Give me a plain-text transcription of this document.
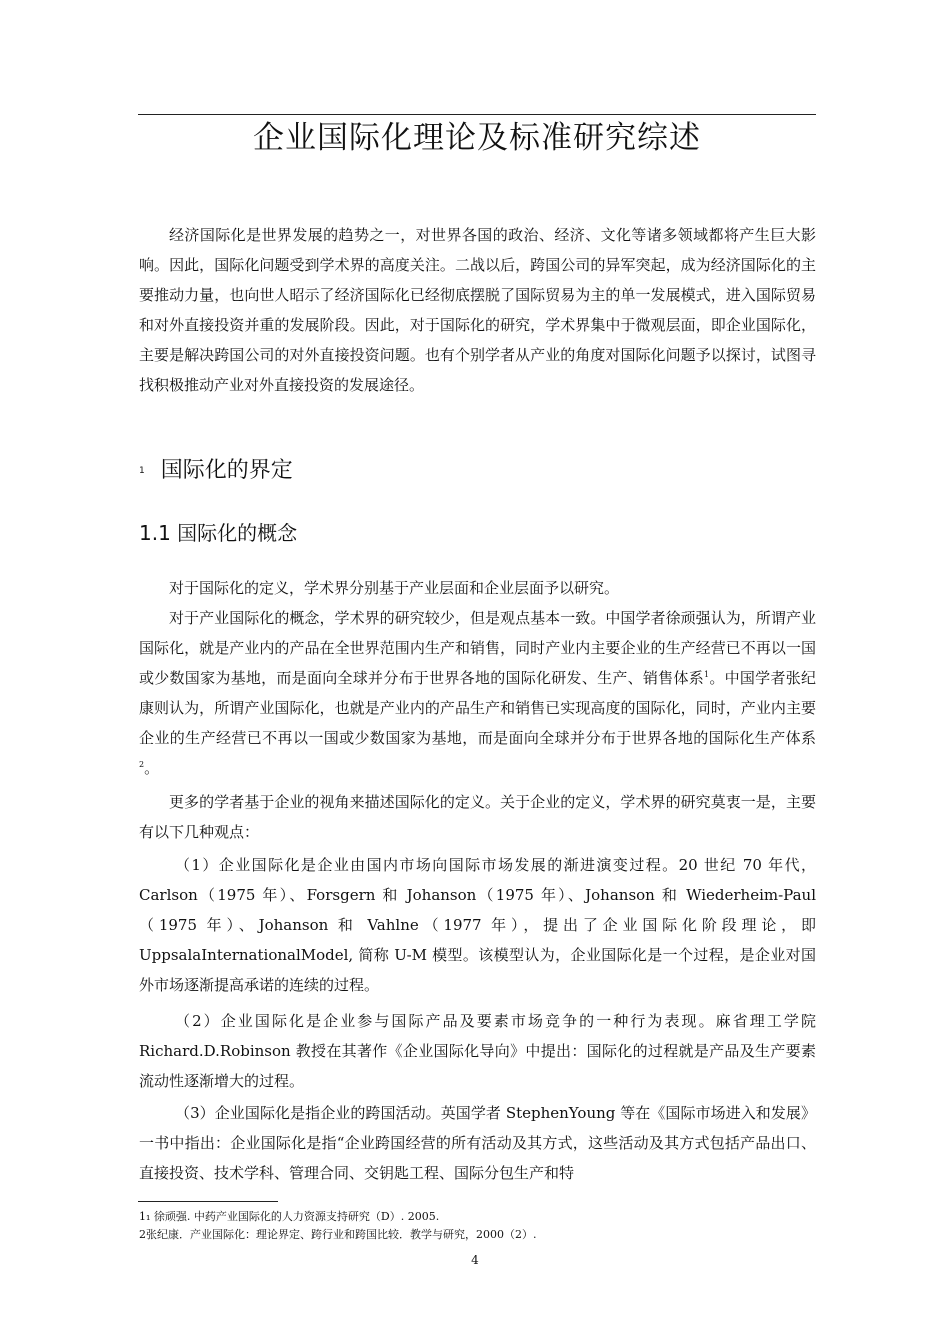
企业国际化理论及标准研究综述

经济国际化是世界发展的趋势之一，对世界各国的政治、经济、文化等诸多领域都将产生巨大影响。因此，国际化问题受到学术界的高度关注。二战以后，跨国公司的异军突起，成为经济国际化的主要推动力量，也向世人昭示了经济国际化已经彻底摆脱了国际贸易为主的单一发展模式，进入国际贸易和对外直接投资并重的发展阶段。因此，对于国际化的研究，学术界集中于微观层面，即企业国际化，主要是解决跨国公司的对外直接投资问题。也有个别学者从产业的角度对国际化问题予以探讨，试图寻找积极推动产业对外直接投资的发展途径。

1 国际化的界定
1.1 国际化的概念

对于国际化的定义，学术界分别基于产业层面和企业层面予以研究。

对于产业国际化的概念，学术界的研究较少，但是观点基本一致。中国学者徐顽强认为，所谓产业国际化，就是产业内的产品在全世界范围内生产和销售，同时产业内主要企业的生产经营已不再以一国或少数国家为基地，而是面向全球并分布于世界各地的国际化研发、生产、销售体系$^1$。中国学者张纪康则认为，所谓产业国际化，也就是产业内的产品生产和销售已实现高度的国际化，同时，产业内主要企业的生产经营已不再以一国或少数国家为基地，而是面向全球并分布于世界各地的国际化生产体系$^2$。

更多的学者基于企业的视角来描述国际化的定义。关于企业的定义，学术界的研究莫衷一是，主要有以下几种观点：

（1）企业国际化是企业由国内市场向国际市场发展的渐进演变过程。20 世纪 70 年代，Carlson（1975 年）、Forsgern 和 Johanson（1975 年）、Johanson 和 Wiederheim-Paul（1975 年）、Johanson 和 Vahlne（1977 年），提出了企业国际化阶段理论，即 UppsalaInternationalModel, 简称 U-M 模型。该模型认为，企业国际化是一个过程，是企业对国外市场逐渐提高承诺的连续的过程。

（2）企业国际化是企业参与国际产品及要素市场竞争的一种行为表现。麻省理工学院 Richard.D.Robinson 教授在其著作《企业国际化导向》中提出：国际化的过程就是产品及生产要素流动性逐渐增大的过程。

（3）企业国际化是指企业的跨国活动。英国学者 StephenYoung 等在《国际市场进入和发展》一书中指出：企业国际化是指“企业跨国经营的所有活动及其方式，这些活动及其方式包括产品出口、直接投资、技术学科、管理合同、交钥匙工程、国际分包生产和特

1₁ 徐顽强. 中药产业国际化的人力资源支持研究（D）. 2005.

2张纪康．产业国际化：理论界定、跨行业和跨国比较．教学与研究，2000（2）.

4
